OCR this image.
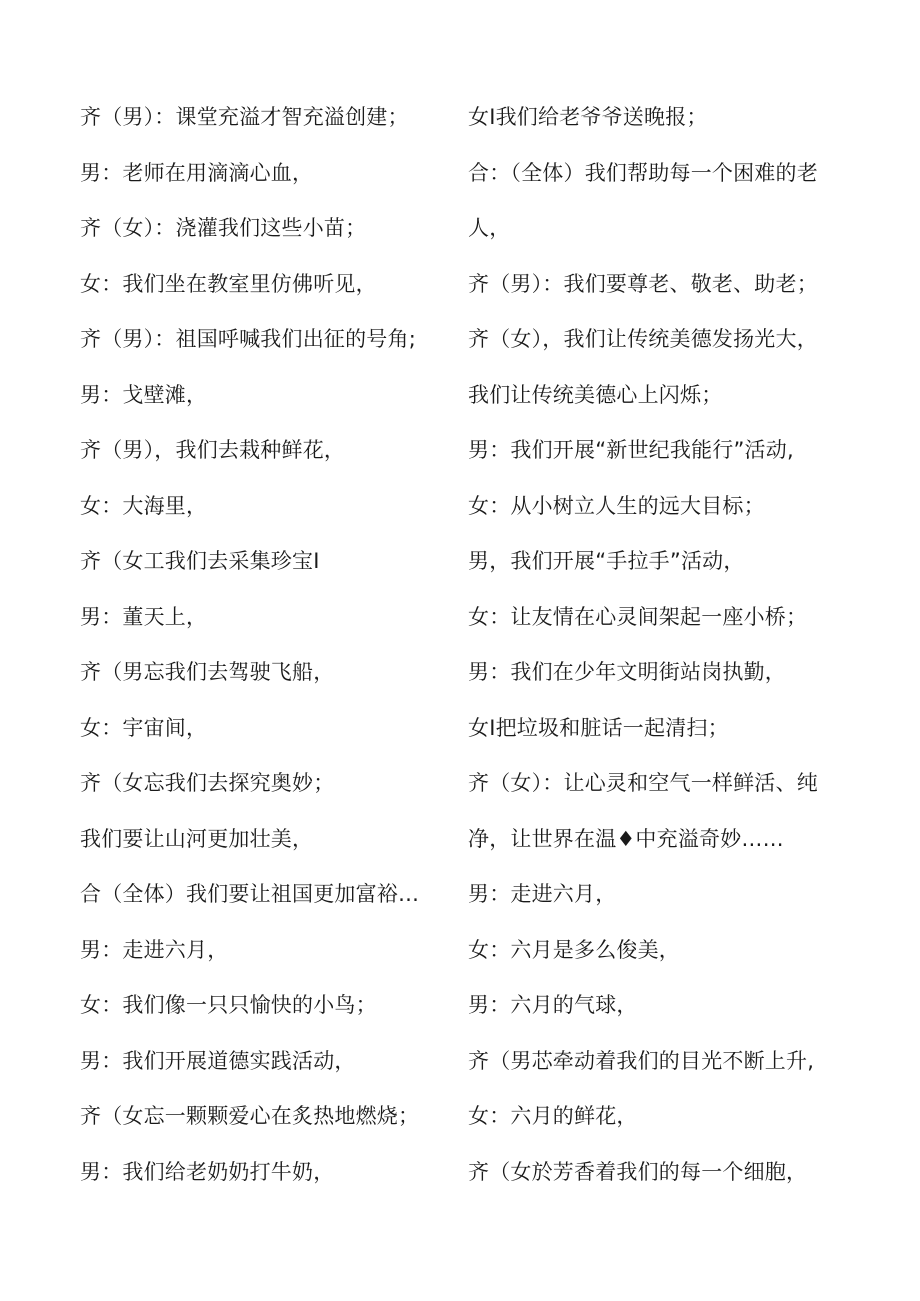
齐（男）：课堂充溢才智充溢创建；
男：老师在用滴滴心血，
齐（女）：浇灌我们这些小苗；
女：我们坐在教室里仿佛听见，
齐（男）：祖国呼喊我们出征的号角;
男：戈壁滩，
齐（男），我们去栽种鲜花，
女：大海里，
齐（女工我们去采集珍宝I
男：董天上，
齐（男忘我们去驾驶飞船，
女：宇宙间，
齐（女忘我们去探究奥妙；
我们要让山河更加壮美，
合（全体）我们要让祖国更加富裕…
男：走进六月，
女：我们像一只只愉快的小鸟；
男：我们开展道德实践活动，
齐（女忘一颗颗爱心在炙热地燃烧；
男：我们给老奶奶打牛奶，
女I我们给老爷爷送晚报；
合：（全体）我们帮助每一个困难的老
人，
齐（男）：我们要尊老、敬老、助老；
齐（女），我们让传统美德发扬光大，
我们让传统美德心上闪烁；
男：我们开展“新世纪我能行”活动,
女：从小树立人生的远大目标；
男，我们开展“手拉手”活动，
女：让友情在心灵间架起一座小桥；
男：我们在少年文明街站岗执勤，
女I把垃圾和脏话一起清扫；
齐（女）：让心灵和空气一样鲜活、纯
净，让世界在温♦中充溢奇妙……
男：走进六月，
女：六月是多么俊美，
男：六月的气球，
齐（男芯牵动着我们的目光不断上升,
女：六月的鲜花，
齐（女於芳香着我们的每一个细胞，
